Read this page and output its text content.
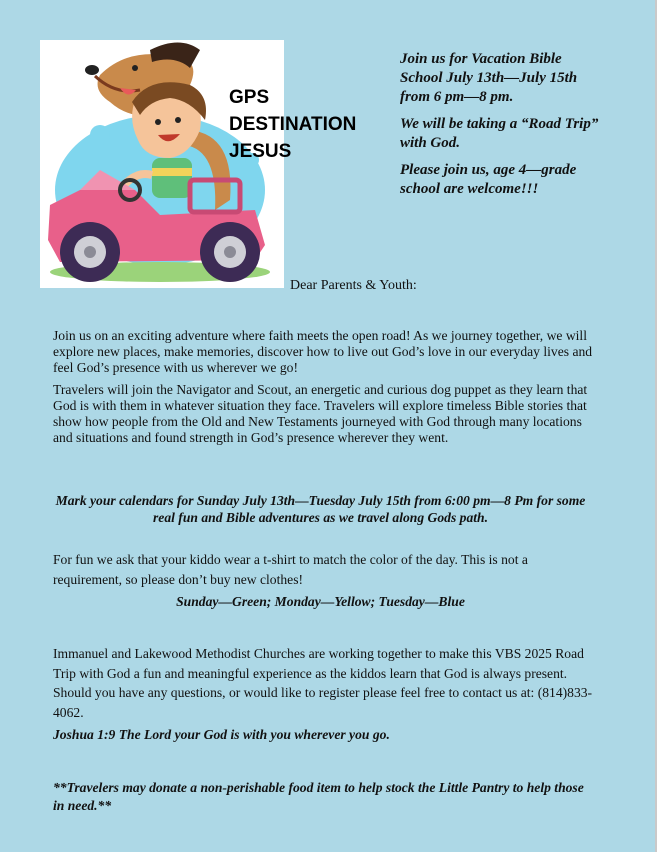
GPS
DESTINATION
JESUS

Join us for Vacation Bible School July 13th—July 15th from 6 pm—8 pm.

We will be taking a “Road Trip” with God.

Please join us, age 4—grade school are welcome!!!

Dear Parents & Youth:

Join us on an exciting adventure where faith meets the open road! As we journey together, we will explore new places, make memories, discover how to live out God’s love in our everyday lives and feel God’s presence with us wherever we go!

Travelers will join the Navigator and Scout, an energetic and curious dog puppet as they learn that God is with them in whatever situation they face. Travelers will explore timeless Bible stories that show how people from the Old and New Testaments journeyed with God through many locations and situations and found strength in God’s presence wherever they went.

Mark your calendars for Sunday July 13th—Tuesday July 15th from 6:00 pm—8 Pm for some real fun and Bible adventures as we travel along Gods path.

For fun we ask that your kiddo wear a t-shirt to match the color of the day. This is not a requirement, so please don’t buy new clothes!

Sunday—Green; Monday—Yellow; Tuesday—Blue

Immanuel and Lakewood Methodist Churches are working together to make this VBS 2025 Road Trip with God a fun and meaningful experience as the kiddos learn that God is always present. Should you have any questions, or would like to register please feel free to contact us at: (814)833-4062.

Joshua 1:9 The Lord your God is with you wherever you go.
**Travelers may donate a non-perishable food item to help stock the Little Pantry to help those in need.**
